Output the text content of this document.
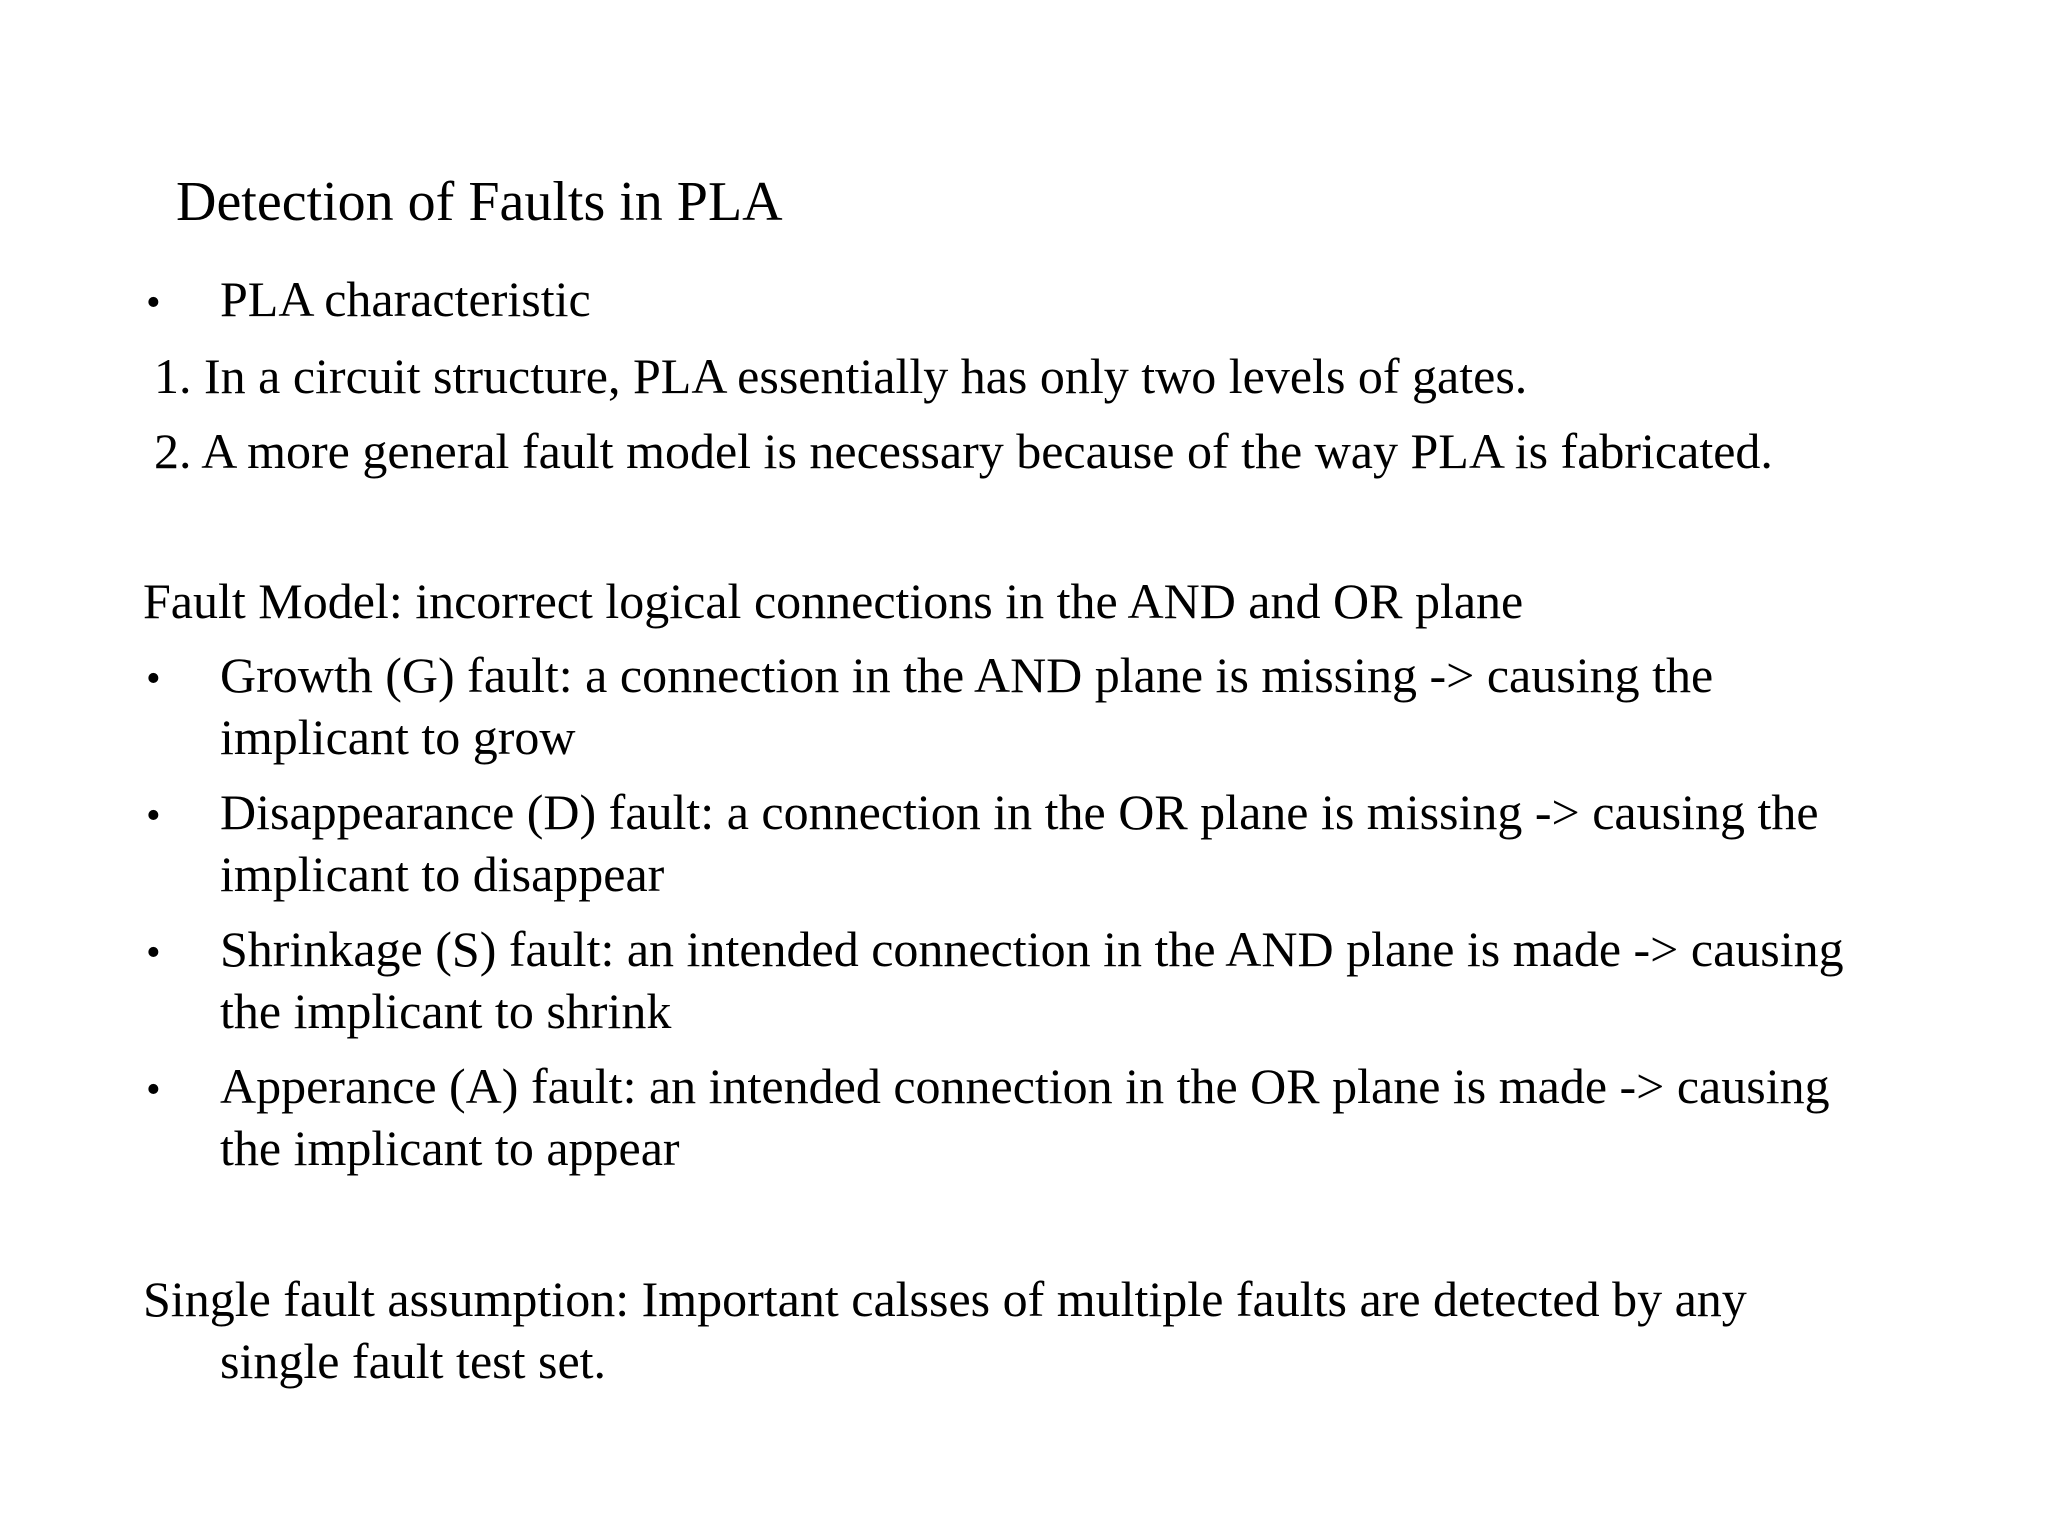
Detection of Faults in PLA
• PLA characteristic
1. In a circuit structure, PLA essentially has only two levels of gates.
2. A more general fault model is necessary because of the way PLA is fabricated.
Fault Model: incorrect logical connections in the AND and OR plane
• Growth (G) fault: a connection in the AND plane is missing -> causing the
implicant to grow
• Disappearance (D) fault: a connection in the OR plane is missing -> causing the
implicant to disappear
• Shrinkage (S) fault: an intended connection in the AND plane is made -> causing
the implicant to shrink
• Apperance (A) fault: an intended connection in the OR plane is made -> causing
the implicant to appear
Single fault assumption: Important calsses of multiple faults are detected by any
single fault test set.
